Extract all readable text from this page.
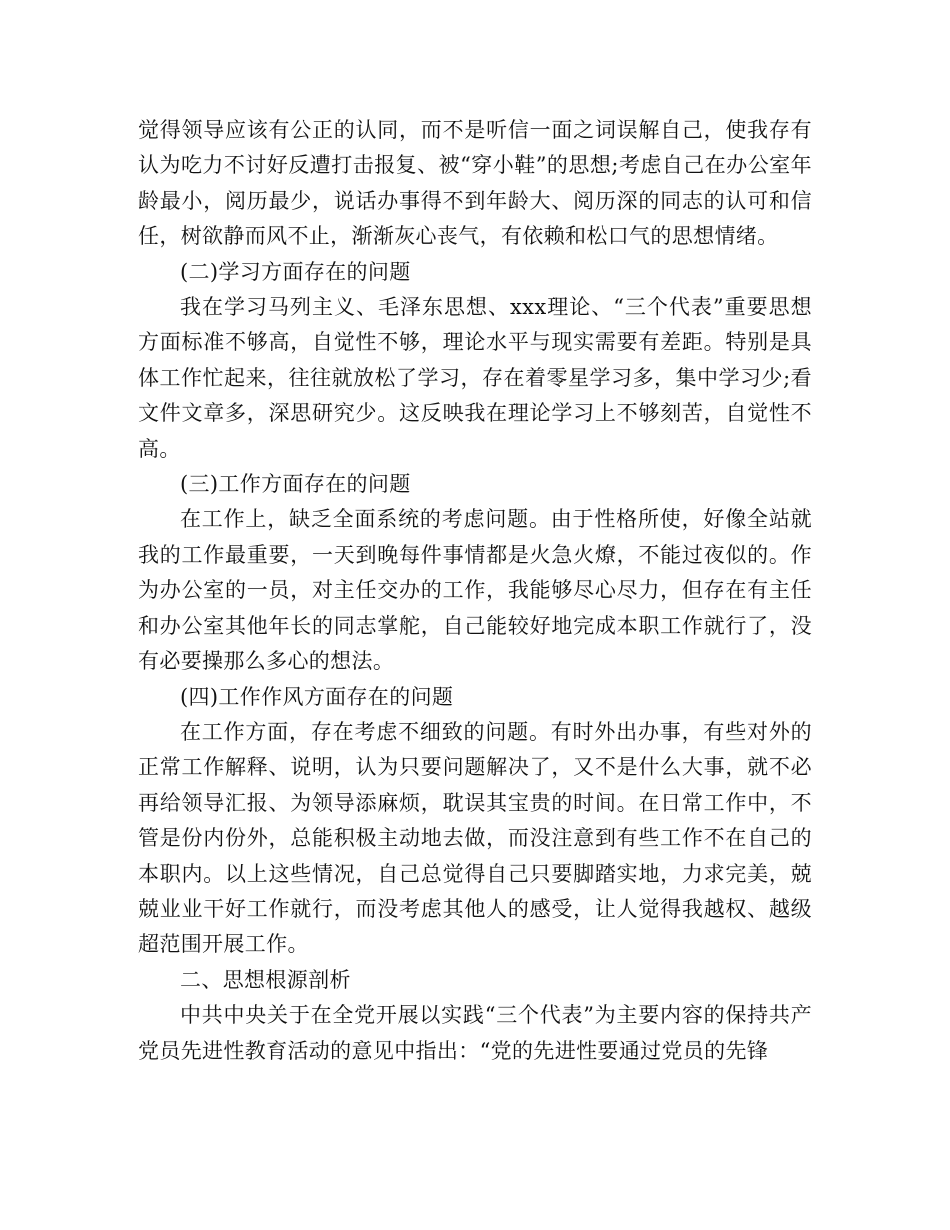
觉得领导应该有公正的认同，而不是听信一面之词误解自己，使我存有认为吃力不讨好反遭打击报复、被“穿小鞋”的思想;考虑自己在办公室年龄最小，阅历最少，说话办事得不到年龄大、阅历深的同志的认可和信任，树欲静而风不止，渐渐灰心丧气，有依赖和松口气的思想情绪。

(二)学习方面存在的问题

我在学习马列主义、毛泽东思想、xxx理论、“三个代表”重要思想方面标准不够高，自觉性不够，理论水平与现实需要有差距。特别是具体工作忙起来，往往就放松了学习，存在着零星学习多，集中学习少;看文件文章多，深思研究少。这反映我在理论学习上不够刻苦，自觉性不高。

(三)工作方面存在的问题

在工作上，缺乏全面系统的考虑问题。由于性格所使，好像全站就我的工作最重要，一天到晚每件事情都是火急火燎，不能过夜似的。作为办公室的一员，对主任交办的工作，我能够尽心尽力，但存在有主任和办公室其他年长的同志掌舵，自己能较好地完成本职工作就行了，没有必要操那么多心的想法。

(四)工作作风方面存在的问题

在工作方面，存在考虑不细致的问题。有时外出办事，有些对外的正常工作解释、说明，认为只要问题解决了，又不是什么大事，就不必再给领导汇报、为领导添麻烦，耽误其宝贵的时间。在日常工作中，不管是份内份外，总能积极主动地去做，而没注意到有些工作不在自己的本职内。以上这些情况，自己总觉得自己只要脚踏实地，力求完美，兢兢业业干好工作就行，而没考虑其他人的感受，让人觉得我越权、越级超范围开展工作。

二、思想根源剖析

中共中央关于在全党开展以实践“三个代表”为主要内容的保持共产党员先进性教育活动的意见中指出：“党的先进性要通过党员的先锋
